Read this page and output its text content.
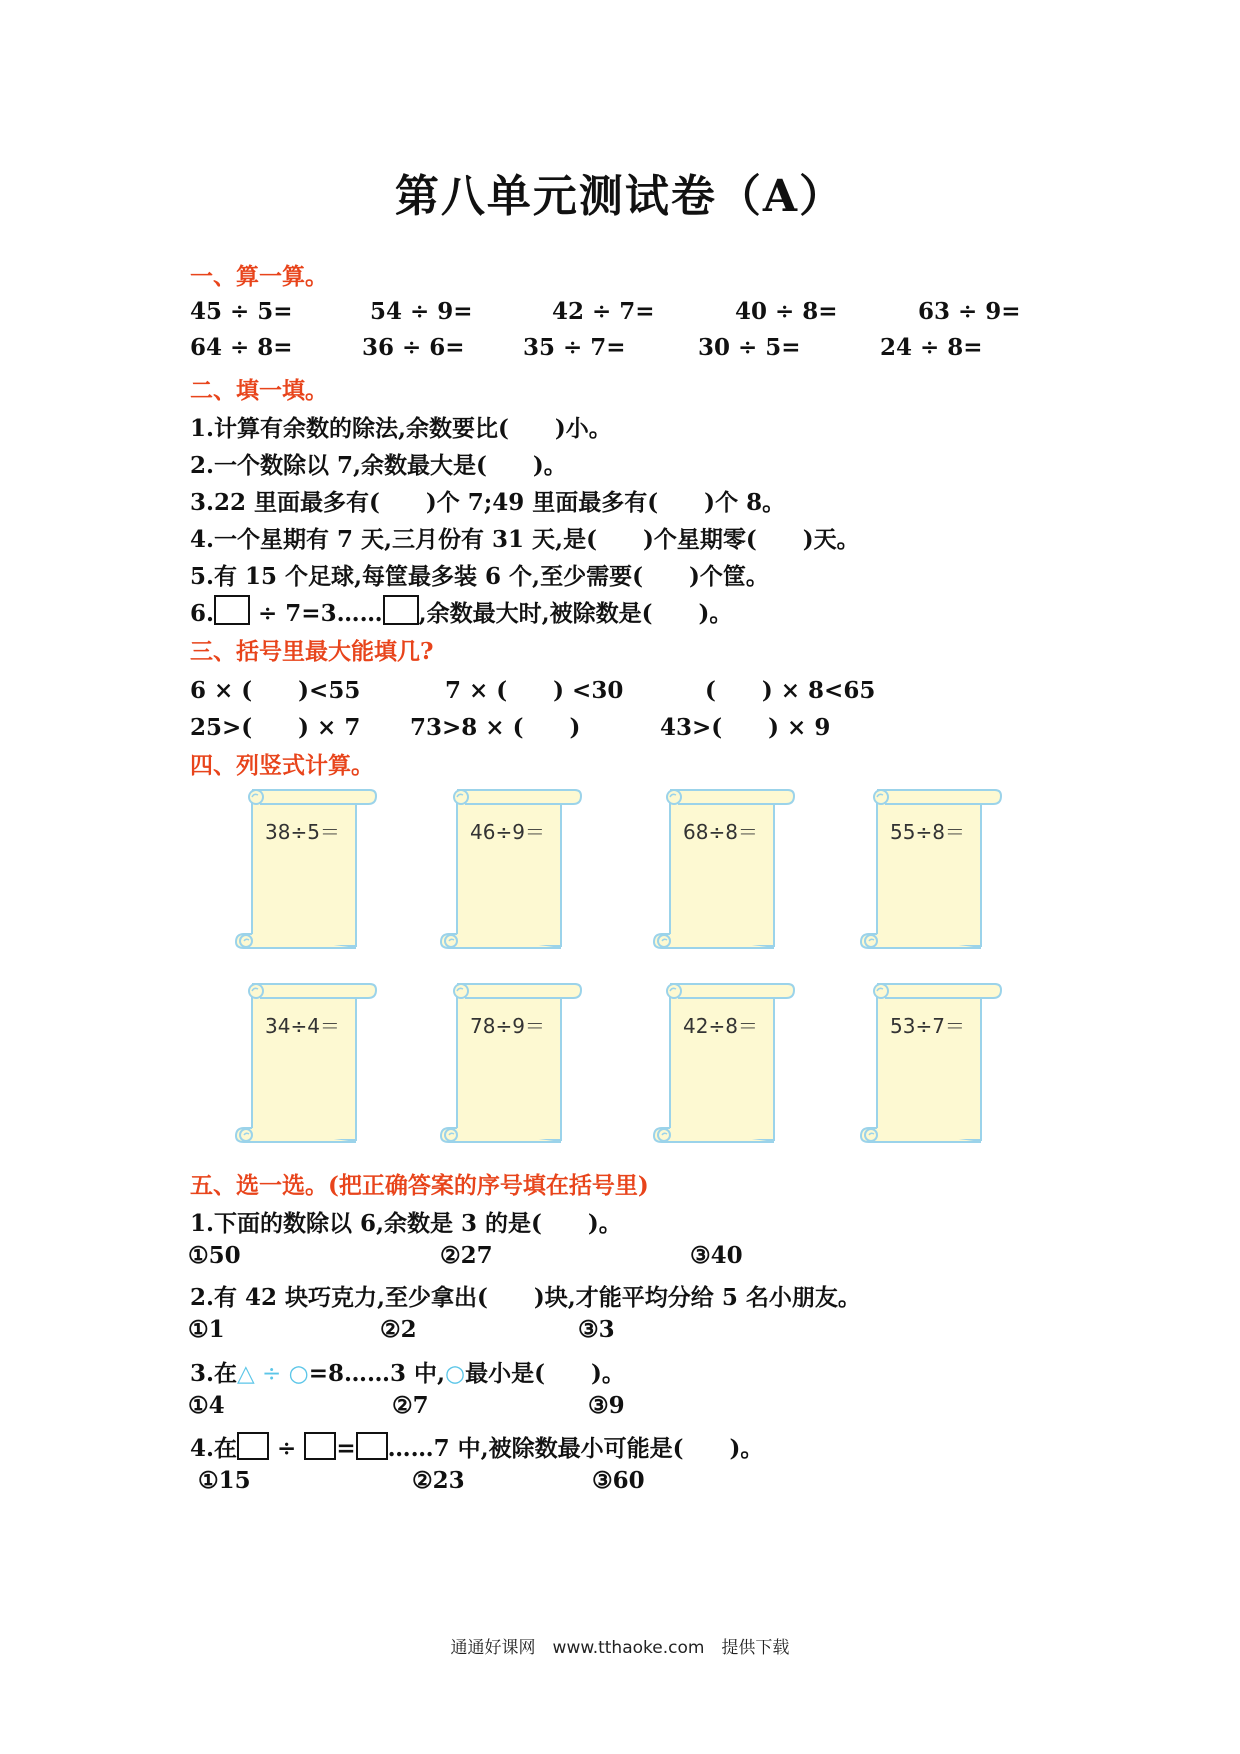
第八单元测试卷（A）
一、算一算。
45 ÷ 5=	54 ÷ 9=	42 ÷ 7=	40 ÷ 8=	63 ÷ 9=
64 ÷ 8=	36 ÷ 6=	35 ÷ 7=	30 ÷ 5=	24 ÷ 8=
二、填一填。
1.计算有余数的除法,余数要比(　　)小。
2.一个数除以 7,余数最大是(　　)。
3.22 里面最多有(　　)个 7;49 里面最多有(　　)个 8。
4.一个星期有 7 天,三月份有 31 天,是(　　)个星期零(　　)天。
5.有 15 个足球,每筐最多装 6 个,至少需要(　　)个筐。
6. ÷ 7=3…… ,余数最大时,被除数是(　　)。
三、括号里最大能填几?
6 × (　　)<55	7 × (　　) <30	(　　) × 8<65
25>(　　) × 7 73>8 × (　　)	43>(　　) × 9
四、列竖式计算。
38÷5＝	46÷9＝	68÷8＝	55÷8＝
34÷4＝	78÷9＝	42÷8＝	53÷7＝
五、选一选。(把正确答案的序号填在括号里)
1.下面的数除以 6,余数是 3 的是(　　)。
①50	②27	③40
2.有 42 块巧克力,至少拿出(　　)块,才能平均分给 5 名小朋友。
①1	②2	③3
3.在△ ÷ ○=8……3 中,○最小是(　　)。
①4	②7	③9
4.在 ÷ = ……7 中,被除数最小可能是(　　)。
①15	②23	③60
通通好课网　www.tthaoke.com　提供下载
